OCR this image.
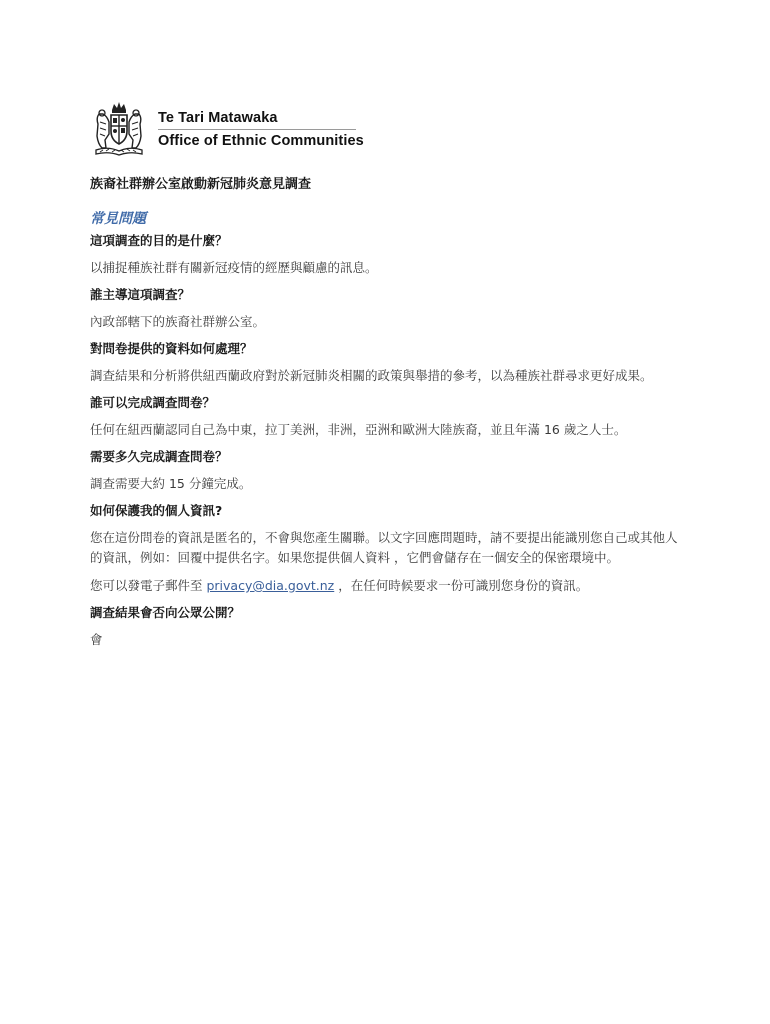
Te Tari Matawaka
Office of Ethnic Communities
族裔社群辦公室啟動新冠肺炎意見調查
常見問題
這項調查的目的是什麼？
以捕捉種族社群有關新冠疫情的經歷與顧慮的訊息。
誰主導這項調查？
內政部轄下的族裔社群辦公室。
對問卷提供的資料如何處理？
調查結果和分析將供紐西蘭政府對於新冠肺炎相關的政策與舉措的參考，以為種族社群尋求更好成果。
誰可以完成調查問卷？
任何在紐西蘭認同自己為中東，拉丁美洲，非洲，亞洲和歐洲大陸族裔，並且年滿 16 歲之人士。
需要多久完成調查問卷？
調查需要大約 15 分鐘完成。
如何保護我的個人資訊?
您在這份問卷的資訊是匿名的，不會與您產生關聯。以文字回應問題時，請不要提出能識別您自己或其他人的資訊，例如：回覆中提供名字。如果您提供個人資料 ，它們會儲存在一個安全的保密環境中。
您可以發電子郵件至 privacy@dia.govt.nz ，在任何時候要求一份可識別您身份的資訊。
調查結果會否向公眾公開？
會
